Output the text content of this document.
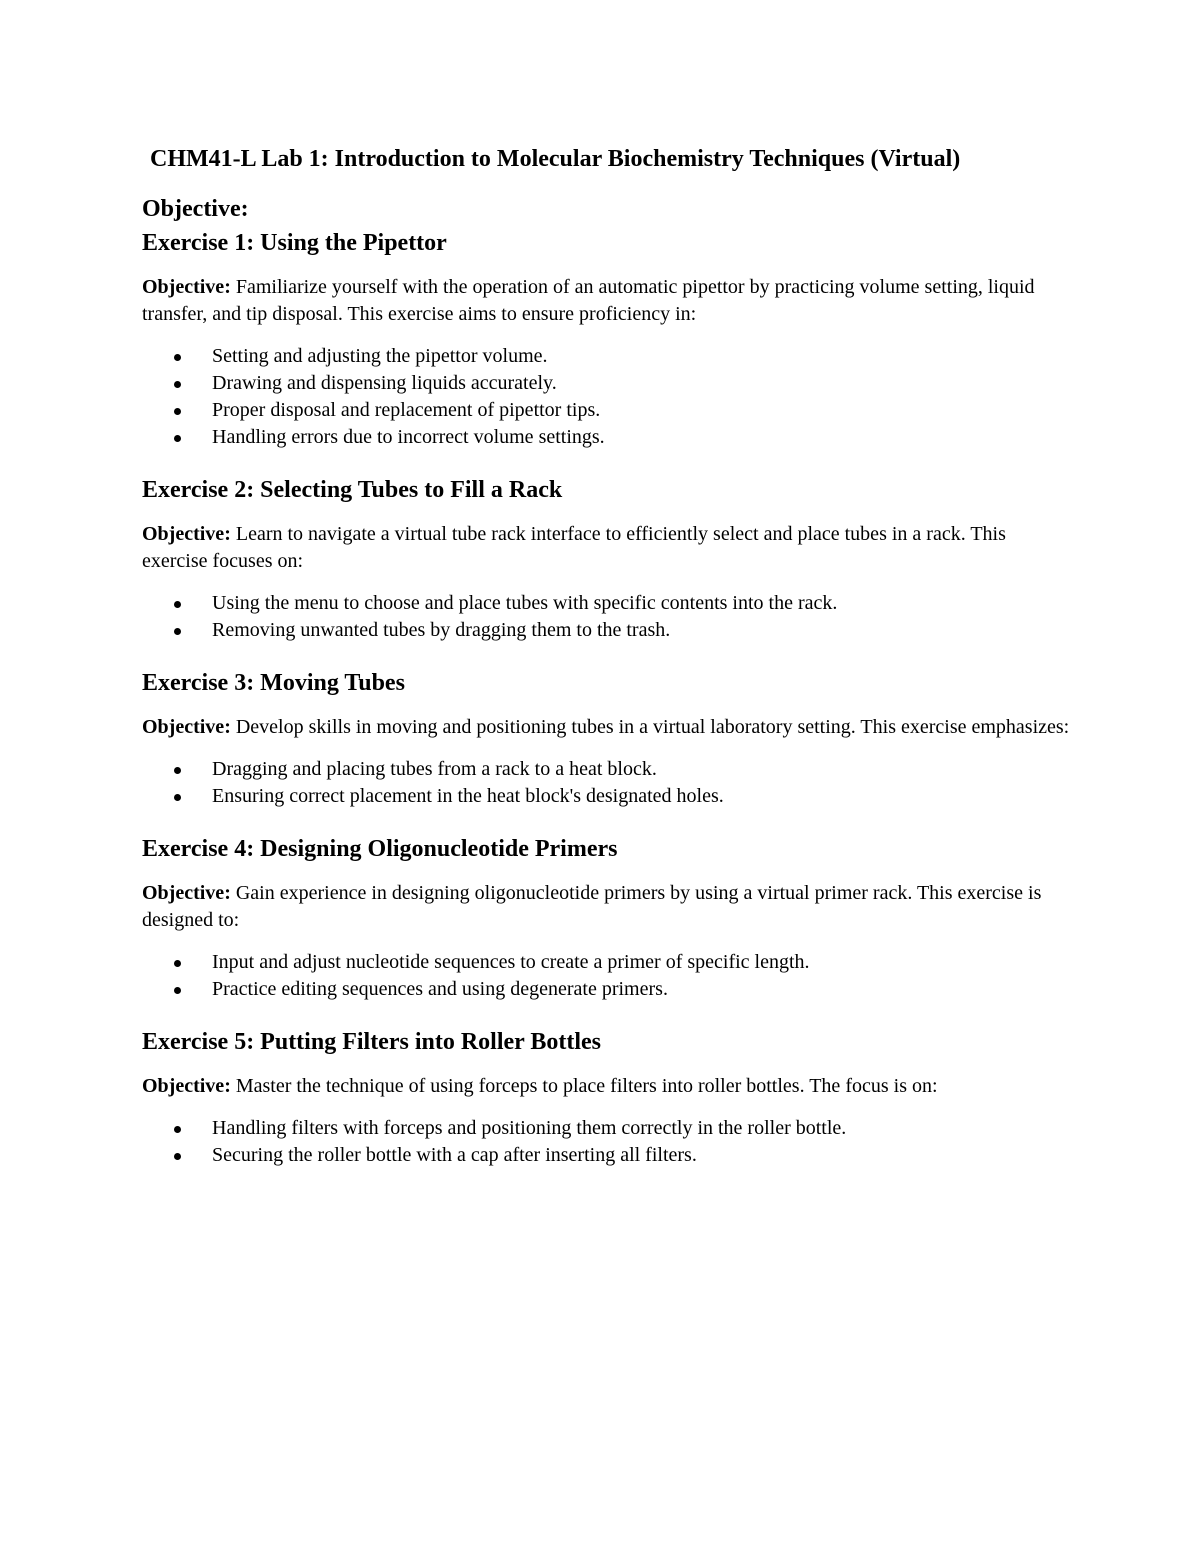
CHM41-L Lab 1: Introduction to Molecular Biochemistry Techniques (Virtual)

Objective:

Exercise 1: Using the Pipettor

Objective: Familiarize yourself with the operation of an automatic pipettor by practicing volume setting, liquid transfer, and tip disposal. This exercise aims to ensure proficiency in:

Setting and adjusting the pipettor volume.
Drawing and dispensing liquids accurately.
Proper disposal and replacement of pipettor tips.
Handling errors due to incorrect volume settings.
Exercise 2: Selecting Tubes to Fill a Rack

Objective: Learn to navigate a virtual tube rack interface to efficiently select and place tubes in a rack. This exercise focuses on:

Using the menu to choose and place tubes with specific contents into the rack.
Removing unwanted tubes by dragging them to the trash.
Exercise 3: Moving Tubes

Objective: Develop skills in moving and positioning tubes in a virtual laboratory setting. This exercise emphasizes:

Dragging and placing tubes from a rack to a heat block.
Ensuring correct placement in the heat block's designated holes.
Exercise 4: Designing Oligonucleotide Primers

Objective: Gain experience in designing oligonucleotide primers by using a virtual primer rack. This exercise is designed to:

Input and adjust nucleotide sequences to create a primer of specific length.
Practice editing sequences and using degenerate primers.
Exercise 5: Putting Filters into Roller Bottles

Objective: Master the technique of using forceps to place filters into roller bottles. The focus is on:

Handling filters with forceps and positioning them correctly in the roller bottle.
Securing the roller bottle with a cap after inserting all filters.
